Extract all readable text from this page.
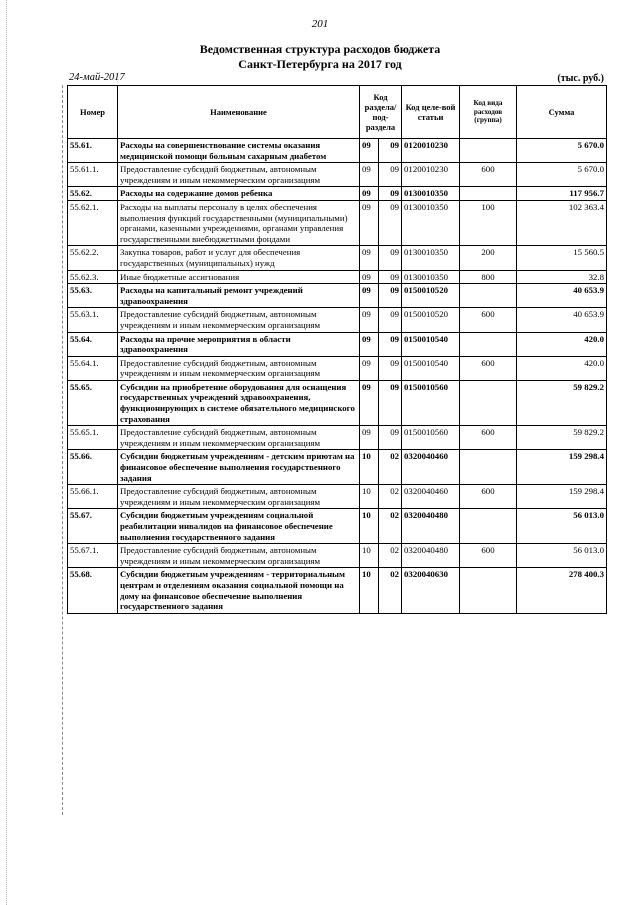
201
Ведомственная структура расходов бюджета
Санкт-Петербурга на 2017 год
24-май-2017	(тыс. руб.)
Номер	Наименование	Код раздела/ под-раздела		Код целе-вой статьи	Код вида расходов (группа)	Сумма
55.61.	Расходы на совершенствование системы оказания медицинской помощи больным сахарным диабетом	09	09	0120010230		5 670.0
55.61.1.	Предоставление субсидий бюджетным, автономным учреждениям и иным некоммерческим организациям	09	09	0120010230	600	5 670.0
55.62.	Расходы на содержание домов ребенка	09	09	0130010350		117 956.7
55.62.1.	Расходы на выплаты персоналу в целях обеспечения выполнения функций государственными (муниципальными) органами, казенными учреждениями, органами управления государственными внебюджетными фондами	09	09	0130010350	100	102 363.4
55.62.2.	Закупка товаров, работ и услуг для обеспечения государственных (муниципальных) нужд	09	09	0130010350	200	15 560.5
55.62.3.	Иные бюджетные ассигнования	09	09	0130010350	800	32.8
55.63.	Расходы на капитальный ремонт учреждений здравоохранения	09	09	0150010520		40 653.9
55.63.1.	Предоставление субсидий бюджетным, автономным учреждениям и иным некоммерческим организациям	09	09	0150010520	600	40 653.9
55.64.	Расходы на прочие мероприятия в области здравоохранения	09	09	0150010540		420.0
55.64.1.	Предоставление субсидий бюджетным, автономным учреждениям и иным некоммерческим организациям	09	09	0150010540	600	420.0
55.65.	Субсидии на приобретение оборудования для оснащения государственных учреждений здравоохранения, функционирующих в системе обязательного медицинского страхования	09	09	0150010560		59 829.2
55.65.1.	Предоставление субсидий бюджетным, автономным учреждениям и иным некоммерческим организациям	09	09	0150010560	600	59 829.2
55.66.	Субсидии бюджетным учреждениям - детским приютам на финансовое обеспечение выполнения государственного задания	10	02	0320040460		159 298.4
55.66.1.	Предоставление субсидий бюджетным, автономным учреждениям и иным некоммерческим организациям	10	02	0320040460	600	159 298.4
55.67.	Субсидии бюджетным учреждениям социальной реабилитации инвалидов на финансовое обеспечение выполнения государственного задания	10	02	0320040480		56 013.0
55.67.1.	Предоставление субсидий бюджетным, автономным учреждениям и иным некоммерческим организациям	10	02	0320040480	600	56 013.0
55.68.	Субсидии бюджетным учреждениям - территориальным центрам и отделениям оказания социальной помощи на дому на финансовое обеспечение выполнения государственного задания	10	02	0320040630		278 400.3
